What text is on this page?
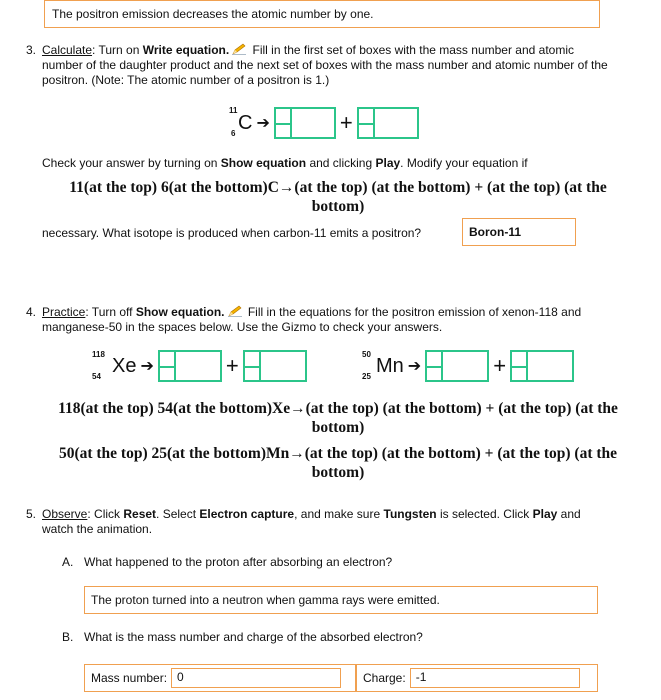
The positron emission decreases the atomic number by one.
3. Calculate: Turn on Write equation. Fill in the first set of boxes with the mass number and atomic
number of the daughter product and the next set of boxes with the mass number and atomic number of the
positron. (Note: The atomic number of a positron is 1.)
11
6 C ➔	+
Check your answer by turning on Show equation and clicking Play. Modify your equation if
11(at the top) 6(at the bottom)C→(at the top) (at the bottom) + (at the top) (at the
bottom)
necessary. What isotope is produced when carbon-11 emits a positron?	Boron-11
4. Practice: Turn off Show equation. Fill in the equations for the positron emission of xenon-118 and
manganese-50 in the spaces below. Use the Gizmo to check your answers.
118
54 Xe ➔	+	50
25 Mn ➔	+
118(at the top) 54(at the bottom)Xe→(at the top) (at the bottom) + (at the top) (at the
bottom)
50(at the top) 25(at the bottom)Mn→(at the top) (at the bottom) + (at the top) (at the
bottom)
5. Observe: Click Reset. Select Electron capture, and make sure Tungsten is selected. Click Play and
watch the animation.
A. What happened to the proton after absorbing an electron?
The proton turned into a neutron when gamma rays were emitted.
B. What is the mass number and charge of the absorbed electron?
Mass number: 0	Charge: -1
